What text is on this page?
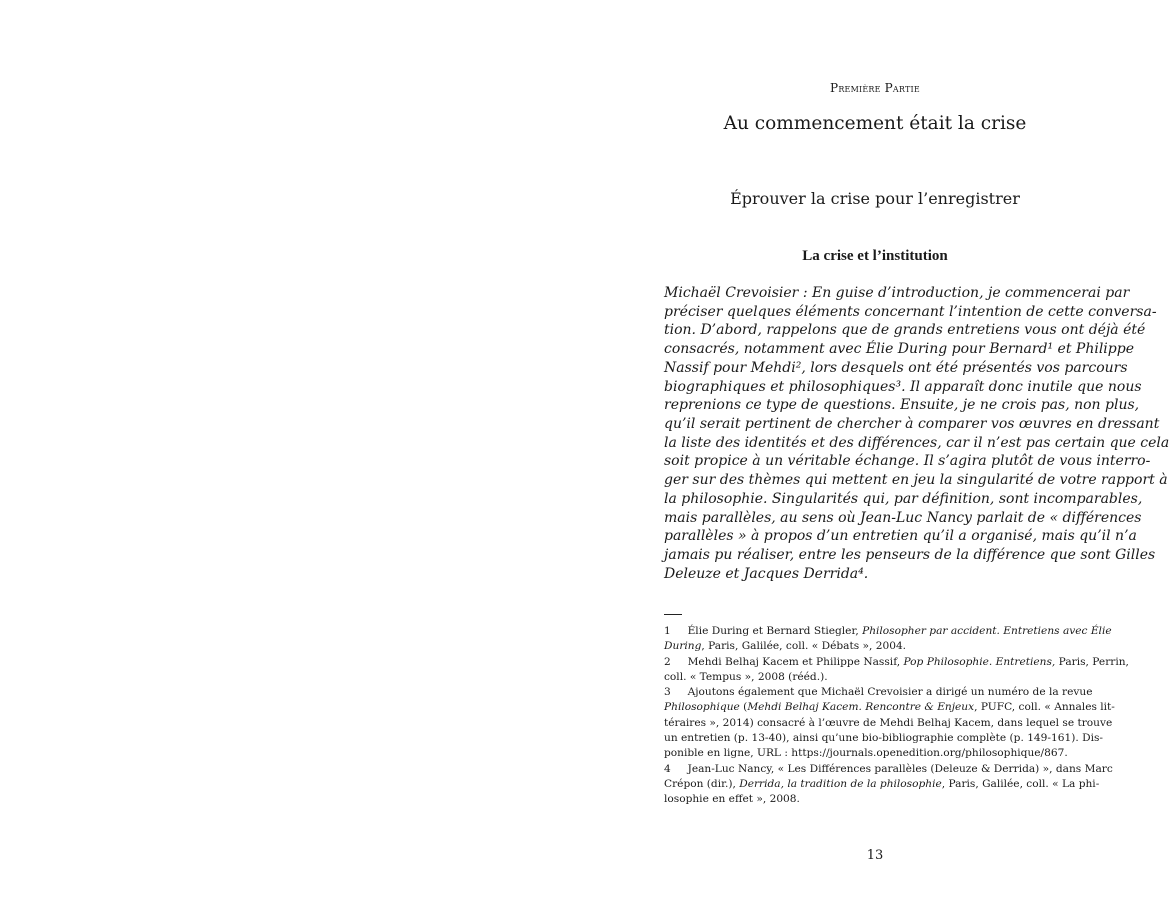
Première Partie
Au commencement était la crise
Éprouver la crise pour l’enregistrer
La crise et l’institution
Michaël Crevoisier : En guise d’introduction, je commencerai par
préciser quelques éléments concernant l’intention de cette conversa-
tion. D’abord, rappelons que de grands entretiens vous ont déjà été
consacrés, notamment avec Élie During pour Bernard¹ et Philippe
Nassif pour Mehdi², lors desquels ont été présentés vos parcours
biographiques et philosophiques³. Il apparaît donc inutile que nous
reprenions ce type de questions. Ensuite, je ne crois pas, non plus,
qu’il serait pertinent de chercher à comparer vos œuvres en dressant
la liste des identités et des différences, car il n’est pas certain que cela
soit propice à un véritable échange. Il s’agira plutôt de vous interro-
ger sur des thèmes qui mettent en jeu la singularité de votre rapport à
la philosophie. Singularités qui, par définition, sont incomparables,
mais parallèles, au sens où Jean-Luc Nancy parlait de « différences
parallèles » à propos d’un entretien qu’il a organisé, mais qu’il n’a
jamais pu réaliser, entre les penseurs de la différence que sont Gilles
Deleuze et Jacques Derrida⁴.
1     Élie During et Bernard Stiegler, Philosopher par accident. Entretiens avec Élie
During, Paris, Galilée, coll. « Débats », 2004.
2     Mehdi Belhaj Kacem et Philippe Nassif, Pop Philosophie. Entretiens, Paris, Perrin,
coll. « Tempus », 2008 (rééd.).
3     Ajoutons également que Michaël Crevoisier a dirigé un numéro de la revue
Philosophique (Mehdi Belhaj Kacem. Rencontre & Enjeux, PUFC, coll. « Annales lit-
téraires », 2014) consacré à l’œuvre de Mehdi Belhaj Kacem, dans lequel se trouve
un entretien (p. 13-40), ainsi qu’une bio-bibliographie complète (p. 149-161). Dis-
ponible en ligne, URL : https://journals.openedition.org/philosophique/867.
4     Jean-Luc Nancy, « Les Différences parallèles (Deleuze & Derrida) », dans Marc
Crépon (dir.), Derrida, la tradition de la philosophie, Paris, Galilée, coll. « La phi-
losophie en effet », 2008.
13
